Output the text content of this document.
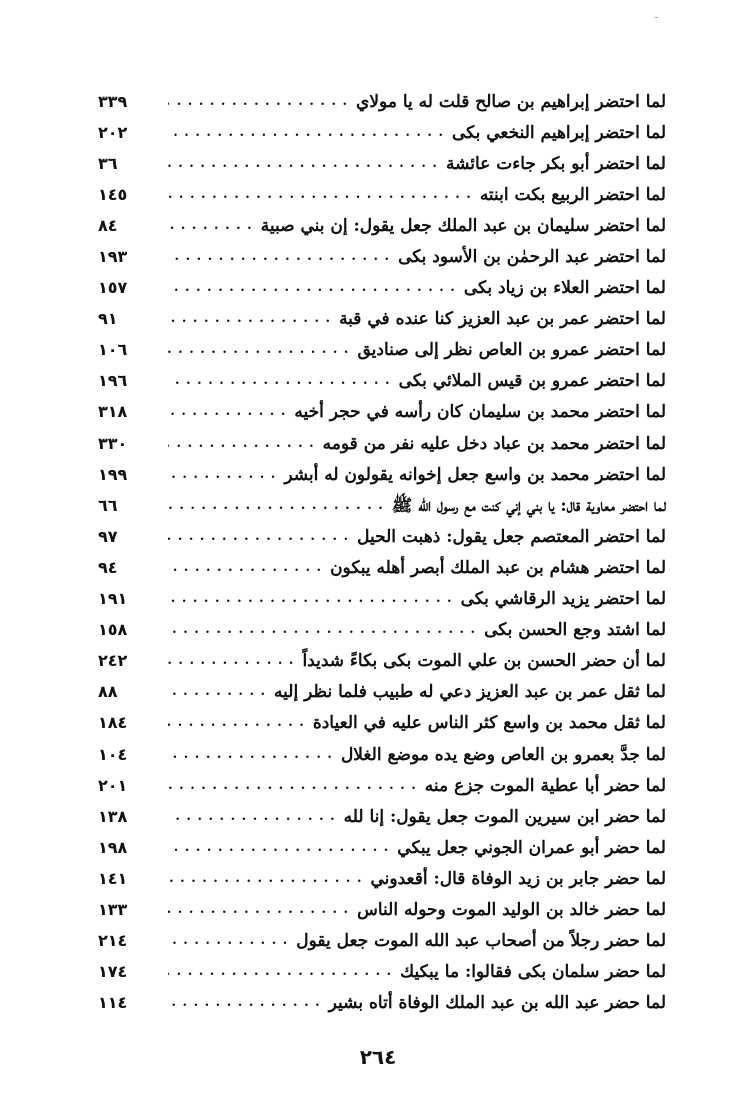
ـ
لما احتضر إبراهيم بن صالح قلت له يا مولاي
. . .
٣٣٩
لما احتضر إبراهيم النخعي بكى
. . .
٢٠٢
لما احتضر أبو بكر جاءت عائشة
. . .
٣٦
لما احتضر الربيع بكت ابنته
. . .
١٤٥
لما احتضر سليمان بن عبد الملك جعل يقول: إن بني صبية
. . .
٨٤
لما احتضر عبد الرحمٰن بن الأسود بكى
. . .
١٩٣
لما احتضر العلاء بن زياد بكى
. . .
١٥٧
لما احتضر عمر بن عبد العزيز كنا عنده في قبة
. . .
٩١
لما احتضر عمرو بن العاص نظر إلى صناديق
. . .
١٠٦
لما احتضر عمرو بن قيس الملائي بكى
. . .
١٩٦
لما احتضر محمد بن سليمان كان رأسه في حجر أخيه
. . .
٣١٨
لما احتضر محمد بن عباد دخل عليه نفر من قومه
. . .
٣٣٠
لما احتضر محمد بن واسع جعل إخوانه يقولون له أبشر
. . .
١٩٩
لما احتضر معاوية قال: يا بني إني كنت مع رسول الله ﷺ
. . .
٦٦
لما احتضر المعتصم جعل يقول: ذهبت الحيل
. . .
٩٧
لما احتضر هشام بن عبد الملك أبصر أهله يبكون
. . .
٩٤
لما احتضر يزيد الرقاشي بكى
. . .
١٩١
لما اشتد وجع الحسن بكى
. . .
١٥٨
لما أن حضر الحسن بن علي الموت بكى بكاءً شديداً
. . .
٢٤٢
لما ثقل عمر بن عبد العزيز دعي له طبيب فلما نظر إليه
. . .
٨٨
لما ثقل محمد بن واسع كثر الناس عليه في العيادة
. . .
١٨٤
لما جدَّ بعمرو بن العاص وضع يده موضع الغلال
. . .
١٠٤
لما حضر أبا عطية الموت جزع منه
. . .
٢٠١
لما حضر ابن سيرين الموت جعل يقول: إنا لله
. . .
١٣٨
لما حضر أبو عمران الجوني جعل يبكي
. . .
١٩٨
لما حضر جابر بن زيد الوفاة قال: أقعدوني
. . .
١٤١
لما حضر خالد بن الوليد الموت وحوله الناس
. . .
١٣٣
لما حضر رجلاً من أصحاب عبد الله الموت جعل يقول
. . .
٢١٤
لما حضر سلمان بكى فقالوا: ما يبكيك
. . .
١٧٤
لما حضر عبد الله بن عبد الملك الوفاة أتاه بشير
. . .
١١٤
٢٦٤
